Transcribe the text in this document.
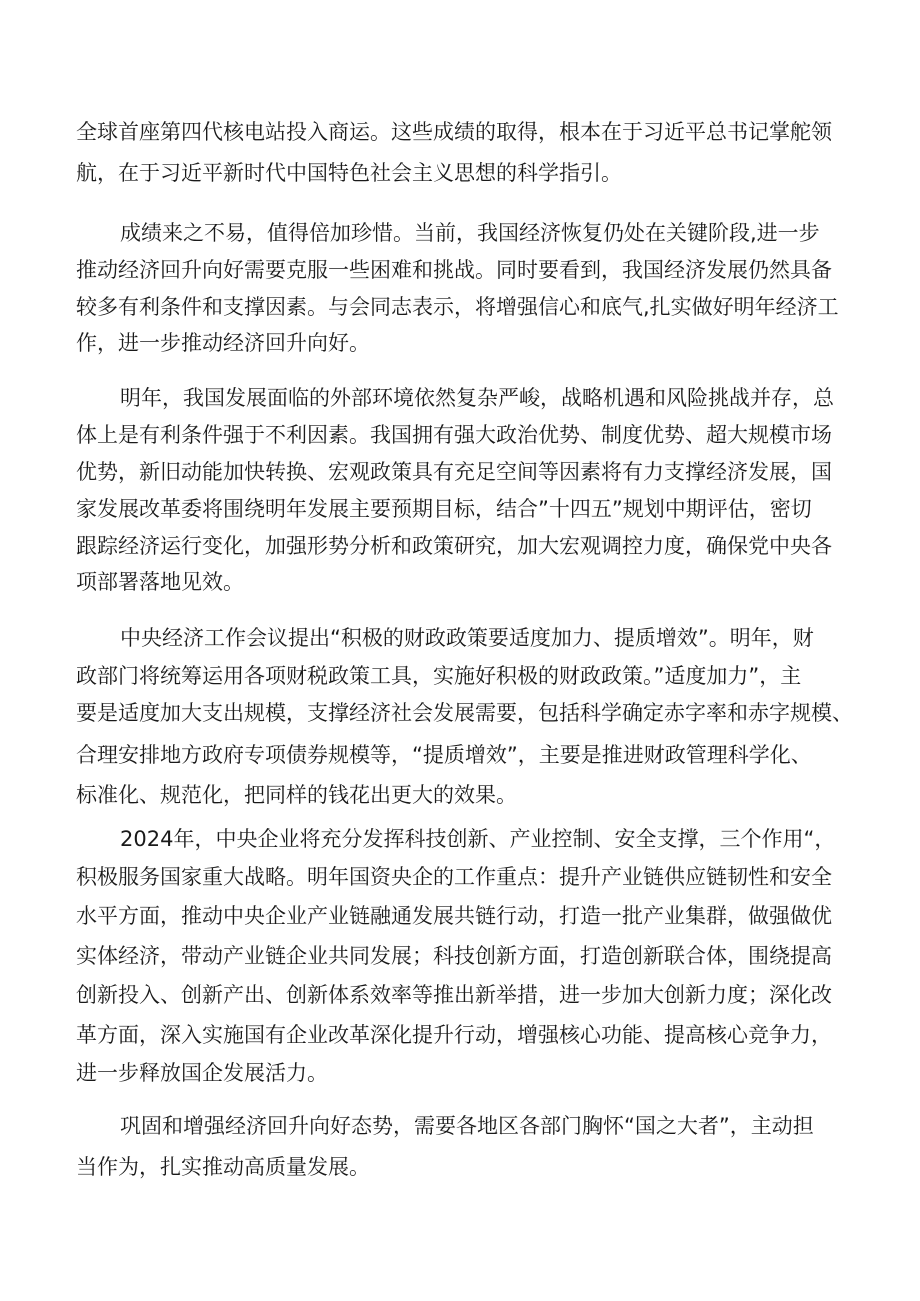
全球首座第四代核电站投入商运。这些成绩的取得，根本在于习近平总书记掌舵领
航，在于习近平新时代中国特色社会主义思想的科学指引。
成绩来之不易，值得倍加珍惜。当前，我国经济恢复仍处在关键阶段,进一步
推动经济回升向好需要克服一些困难和挑战。同时要看到，我国经济发展仍然具备
较多有利条件和支撑因素。与会同志表示，将增强信心和底气,扎实做好明年经济工
作，进一步推动经济回升向好。
明年，我国发展面临的外部环境依然复杂严峻，战略机遇和风险挑战并存，总
体上是有利条件强于不利因素。我国拥有强大政治优势、制度优势、超大规模市场
优势，新旧动能加快转换、宏观政策具有充足空间等因素将有力支撑经济发展，国
家发展改革委将围绕明年发展主要预期目标，结合”十四五”规划中期评估，密切
跟踪经济运行变化，加强形势分析和政策研究，加大宏观调控力度，确保党中央各
项部署落地见效。
中央经济工作会议提出“积极的财政政策要适度加力、提质增效”。明年，财
政部门将统筹运用各项财税政策工具，实施好积极的财政政策。”适度加力”，主
要是适度加大支出规模，支撑经济社会发展需要，包括科学确定赤字率和赤字规模、
合理安排地方政府专项债券规模等，“提质增效”，主要是推进财政管理科学化、
标准化、规范化，把同样的钱花出更大的效果。
2024年，中央企业将充分发挥科技创新、产业控制、安全支撑，三个作用“，
积极服务国家重大战略。明年国资央企的工作重点：提升产业链供应链韧性和安全
水平方面，推动中央企业产业链融通发展共链行动，打造一批产业集群，做强做优
实体经济，带动产业链企业共同发展；科技创新方面，打造创新联合体，围绕提高
创新投入、创新产出、创新体系效率等推出新举措，进一步加大创新力度；深化改
革方面，深入实施国有企业改革深化提升行动，增强核心功能、提高核心竞争力，
进一步释放国企发展活力。
巩固和增强经济回升向好态势，需要各地区各部门胸怀“国之大者”，主动担
当作为，扎实推动高质量发展。
